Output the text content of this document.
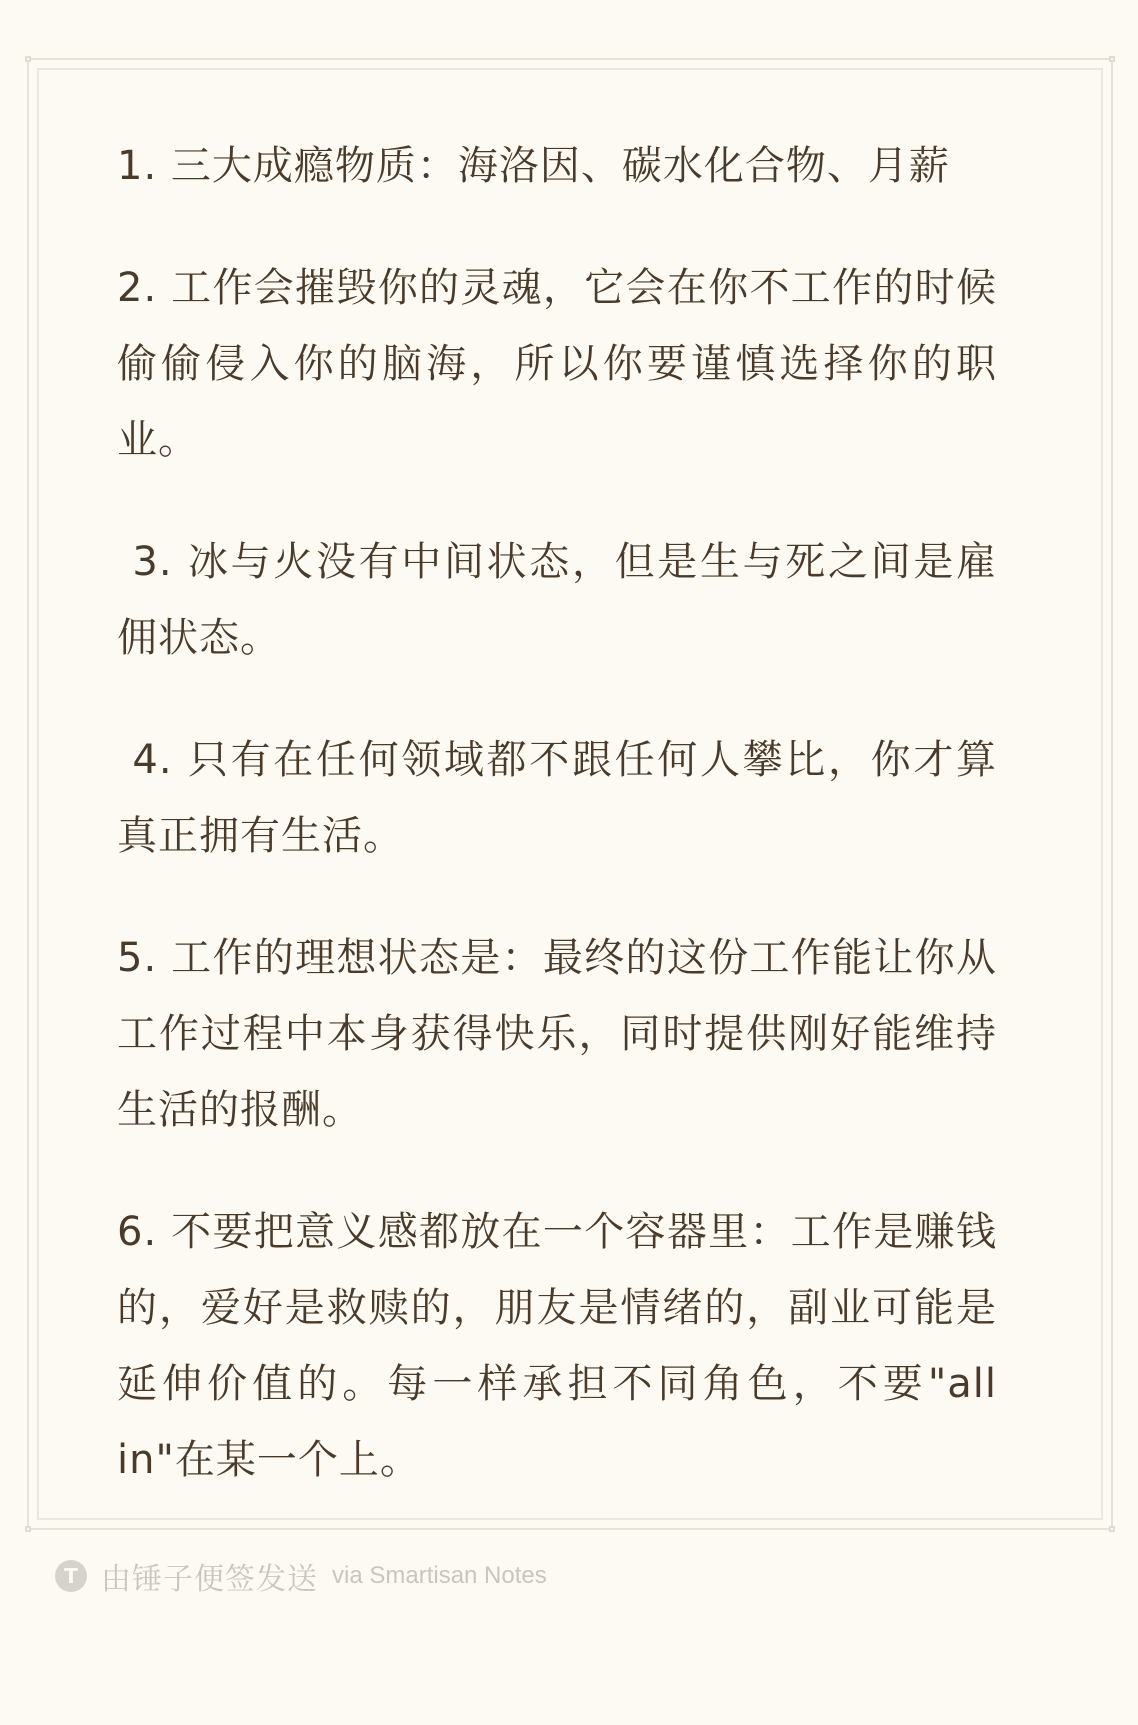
1. 三大成瘾物质：海洛因、碳水化合物、月薪

2. 工作会摧毁你的灵魂，它会在你不工作的时候偷偷侵入你的脑海，所以你要谨慎选择你的职业。

3. 冰与火没有中间状态，但是生与死之间是雇佣状态。

4. 只有在任何领域都不跟任何人攀比，你才算真正拥有生活。

5. 工作的理想状态是：最终的这份工作能让你从工作过程中本身获得快乐，同时提供刚好能维持生活的报酬。

6. 不要把意义感都放在一个容器里：工作是赚钱的，爱好是救赎的，朋友是情绪的，副业可能是延伸价值的。每一样承担不同角色，不要"all in"在某一个上。

T 由锤子便签发送 via Smartisan Notes
